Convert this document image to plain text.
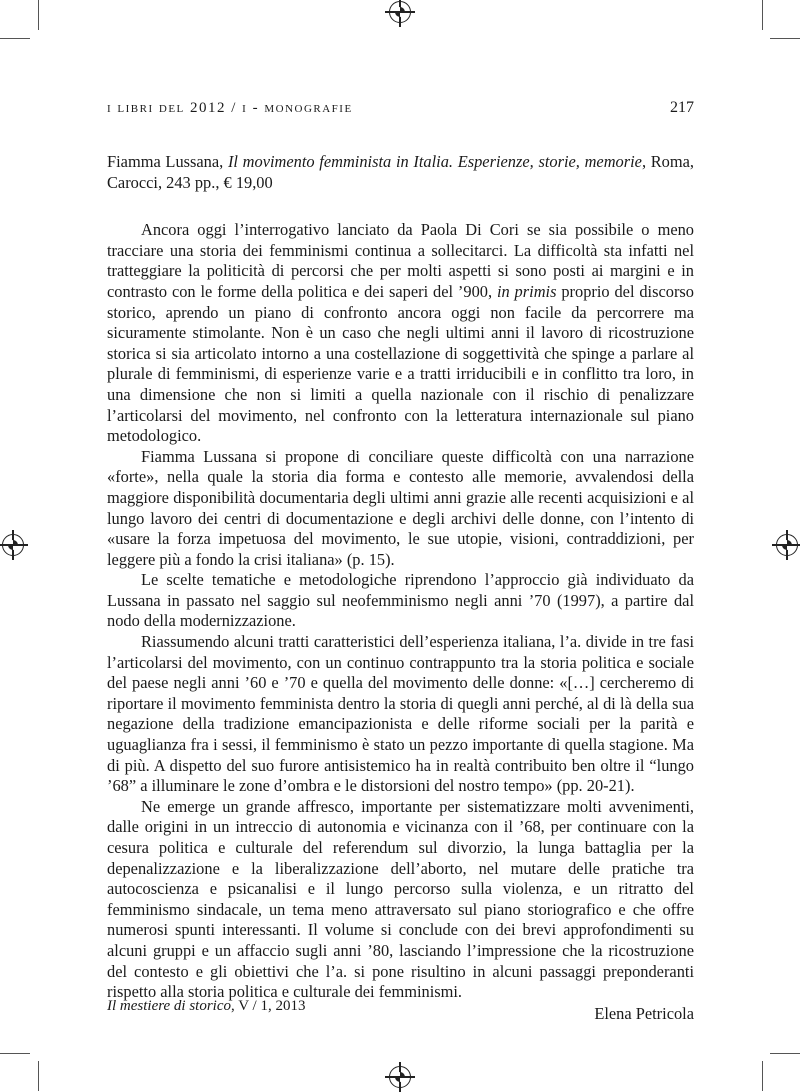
i libri del 2012 / i - monografie	217
Fiamma Lussana, Il movimento femminista in Italia. Esperienze, storie, memorie, Roma, Carocci, 243 pp., € 19,00

Ancora oggi l’interrogativo lanciato da Paola Di Cori se sia possibile o meno tracciare una storia dei femminismi continua a sollecitarci. La difficoltà sta infatti nel tratteggiare la politicità di percorsi che per molti aspetti si sono posti ai margini e in contrasto con le forme della politica e dei saperi del ’900, in primis proprio del discorso storico, aprendo un piano di confronto ancora oggi non facile da percorrere ma sicuramente stimolante. Non è un caso che negli ultimi anni il lavoro di ricostruzione storica si sia articolato intorno a una costellazione di soggettività che spinge a parlare al plurale di femminismi, di esperienze varie e a tratti irriducibili e in conflitto tra loro, in una dimensione che non si limiti a quella nazionale con il rischio di penalizzare l’articolarsi del movimento, nel confronto con la letteratura internazionale sul piano metodologico.

Fiamma Lussana si propone di conciliare queste difficoltà con una narrazione «forte», nella quale la storia dia forma e contesto alle memorie, avvalendosi della maggiore disponibilità documentaria degli ultimi anni grazie alle recenti acquisizioni e al lungo lavoro dei centri di documentazione e degli archivi delle donne, con l’intento di «usare la forza impetuosa del movimento, le sue utopie, visioni, contraddizioni, per leggere più a fondo la crisi italiana» (p. 15).

Le scelte tematiche e metodologiche riprendono l’approccio già individuato da Lussana in passato nel saggio sul neofemminismo negli anni ’70 (1997), a partire dal nodo della modernizzazione.

Riassumendo alcuni tratti caratteristici dell’esperienza italiana, l’a. divide in tre fasi l’articolarsi del movimento, con un continuo contrappunto tra la storia politica e sociale del paese negli anni ’60 e ’70 e quella del movimento delle donne: «[…] cercheremo di riportare il movimento femminista dentro la storia di quegli anni perché, al di là della sua negazione della tradizione emancipazionista e delle riforme sociali per la parità e uguaglianza fra i sessi, il femminismo è stato un pezzo importante di quella stagione. Ma di più. A dispetto del suo furore antisistemico ha in realtà contribuito ben oltre il “lungo ’68” a illuminare le zone d’ombra e le distorsioni del nostro tempo» (pp. 20-21).

Ne emerge un grande affresco, importante per sistematizzare molti avvenimenti, dalle origini in un intreccio di autonomia e vicinanza con il ’68, per continuare con la cesura politica e culturale del referendum sul divorzio, la lunga battaglia per la depenalizzazione e la liberalizzazione dell’aborto, nel mutare delle pratiche tra autocoscienza e psicanalisi e il lungo percorso sulla violenza, e un ritratto del femminismo sindacale, un tema meno attraversato sul piano storiografico e che offre numerosi spunti interessanti. Il volume si conclude con dei brevi approfondimenti su alcuni gruppi e un affaccio sugli anni ’80, lasciando l’impressione che la ricostruzione del contesto e gli obiettivi che l’a. si pone risultino in alcuni passaggi preponderanti rispetto alla storia politica e culturale dei femminismi.

Elena Petricola
Il mestiere di storico, V / 1, 2013
